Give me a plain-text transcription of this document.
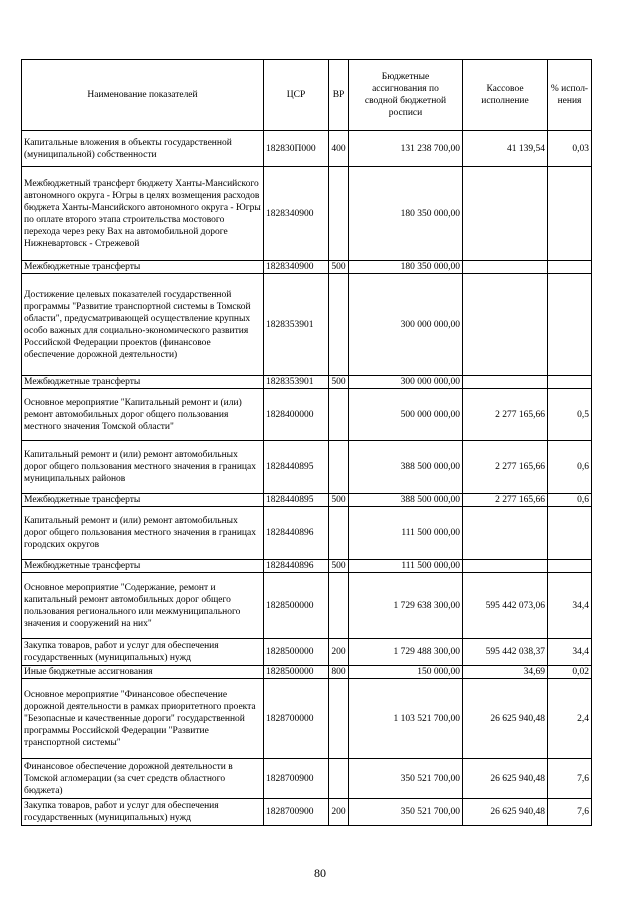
Наименование показателей	ЦСР	ВР	Бюджетные ассигнования по сводной бюджетной росписи	Кассовое исполнение	% испол-нения
Капитальные вложения в объекты государственной (муниципальной) собственности	182830П000	400	131 238 700,00	41 139,54	0,03
Межбюджетный трансферт бюджету Ханты-Мансийского автономного округа - Югры в целях возмещения расходов бюджета Ханты-Мансийского автономного округа - Югры по оплате второго этапа строительства мостового перехода через реку Вах на автомобильной дороге Нижневартовск - Стрежевой	1828340900		180 350 000,00		
Межбюджетные трансферты	1828340900	500	180 350 000,00		
Достижение целевых показателей государственной программы "Развитие транспортной системы в Томской области", предусматривающей осуществление крупных особо важных для социально-экономического развития Российской Федерации проектов (финансовое обеспечение дорожной деятельности)	1828353901		300 000 000,00		
Межбюджетные трансферты	1828353901	500	300 000 000,00		
Основное мероприятие "Капитальный ремонт и (или) ремонт автомобильных дорог общего пользования местного значения Томской области"	1828400000		500 000 000,00	2 277 165,66	0,5
Капитальный ремонт и (или) ремонт автомобильных дорог общего пользования местного значения в границах муниципальных районов	1828440895		388 500 000,00	2 277 165,66	0,6
Межбюджетные трансферты	1828440895	500	388 500 000,00	2 277 165,66	0,6
Капитальный ремонт и (или) ремонт автомобильных дорог общего пользования местного значения в границах городских округов	1828440896		111 500 000,00		
Межбюджетные трансферты	1828440896	500	111 500 000,00		
Основное мероприятие "Содержание, ремонт и капитальный ремонт автомобильных дорог общего пользования регионального или межмуниципального значения и сооружений на них"	1828500000		1 729 638 300,00	595 442 073,06	34,4
Закупка товаров, работ и услуг для обеспечения государственных (муниципальных) нужд	1828500000	200	1 729 488 300,00	595 442 038,37	34,4
Иные бюджетные ассигнования	1828500000	800	150 000,00	34,69	0,02
Основное мероприятие "Финансовое обеспечение дорожной деятельности в рамках приоритетного проекта "Безопасные и качественные дороги" государственной программы Российской Федерации "Развитие транспортной системы"	1828700000		1 103 521 700,00	26 625 940,48	2,4
Финансовое обеспечение дорожной деятельности в Томской агломерации (за счет средств областного бюджета)	1828700900		350 521 700,00	26 625 940,48	7,6
Закупка товаров, работ и услуг для обеспечения государственных (муниципальных) нужд	1828700900	200	350 521 700,00	26 625 940,48	7,6
80
